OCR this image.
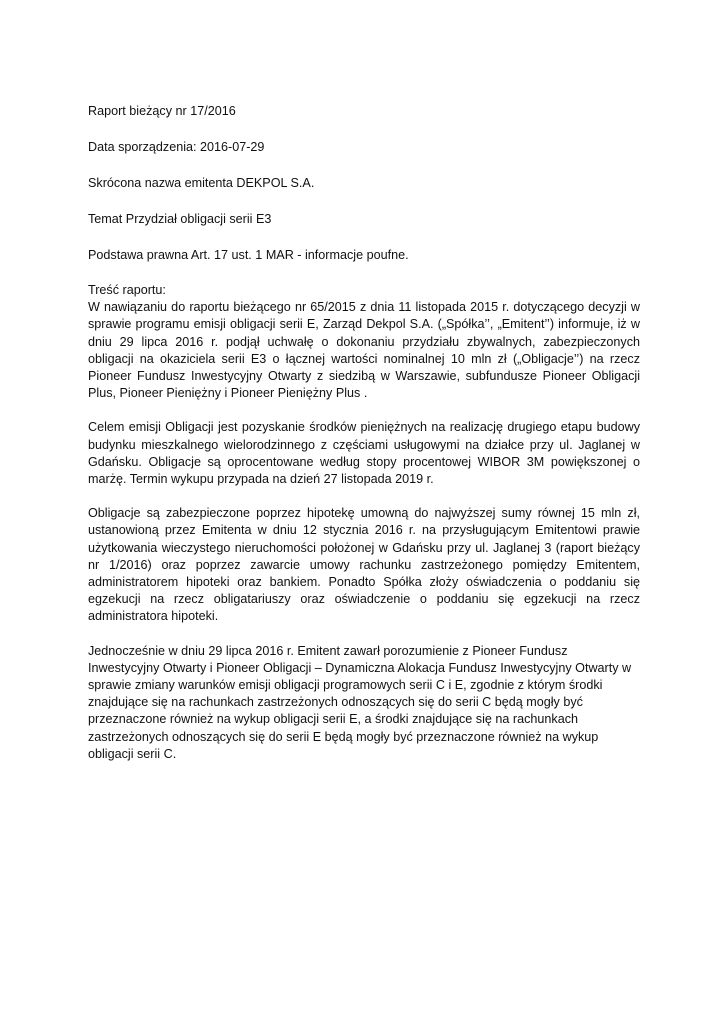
Raport bieżący nr 17/2016

Data sporządzenia: 2016-07-29

Skrócona nazwa emitenta DEKPOL S.A.

Temat Przydział obligacji serii E3

Podstawa prawna Art. 17 ust. 1 MAR - informacje poufne.

Treść raportu:

W nawiązaniu do raportu bieżącego nr 65/2015 z dnia 11 listopada 2015 r. dotyczącego decyzji w sprawie programu emisji obligacji serii E, Zarząd Dekpol S.A. („Spółka’’, „Emitent’’) informuje, iż w dniu 29 lipca 2016 r. podjął uchwałę o dokonaniu przydziału zbywalnych, zabezpieczonych obligacji na okaziciela serii E3 o łącznej wartości nominalnej 10 mln zł („Obligacje’’) na rzecz Pioneer Fundusz Inwestycyjny Otwarty z siedzibą w Warszawie, subfundusze Pioneer Obligacji Plus, Pioneer Pieniężny i Pioneer Pieniężny Plus .

Celem emisji Obligacji jest pozyskanie środków pieniężnych na realizację drugiego etapu budowy budynku mieszkalnego wielorodzinnego z częściami usługowymi na działce przy ul. Jaglanej w Gdańsku. Obligacje są oprocentowane według stopy procentowej WIBOR 3M powiększonej o marżę. Termin wykupu przypada na dzień 27 listopada 2019 r.

Obligacje są zabezpieczone poprzez hipotekę umowną do najwyższej sumy równej 15 mln zł, ustanowioną przez Emitenta w dniu 12 stycznia 2016 r. na przysługującym Emitentowi prawie użytkowania wieczystego nieruchomości położonej w Gdańsku przy ul. Jaglanej 3 (raport bieżący nr 1/2016) oraz poprzez zawarcie umowy rachunku zastrzeżonego pomiędzy Emitentem, administratorem hipoteki oraz bankiem. Ponadto Spółka złoży oświadczenia o poddaniu się egzekucji na rzecz obligatariuszy oraz oświadczenie o poddaniu się egzekucji na rzecz administratora hipoteki.

Jednocześnie w dniu 29 lipca 2016 r. Emitent zawarł porozumienie z Pioneer Fundusz Inwestycyjny Otwarty i Pioneer Obligacji – Dynamiczna Alokacja Fundusz Inwestycyjny Otwarty w sprawie zmiany warunków emisji obligacji programowych serii C i E, zgodnie z którym środki znajdujące się na rachunkach zastrzeżonych odnoszących się do serii C będą mogły być przeznaczone również na wykup obligacji serii E, a środki znajdujące się na rachunkach zastrzeżonych odnoszących się do serii E będą mogły być przeznaczone również na wykup obligacji serii C.
